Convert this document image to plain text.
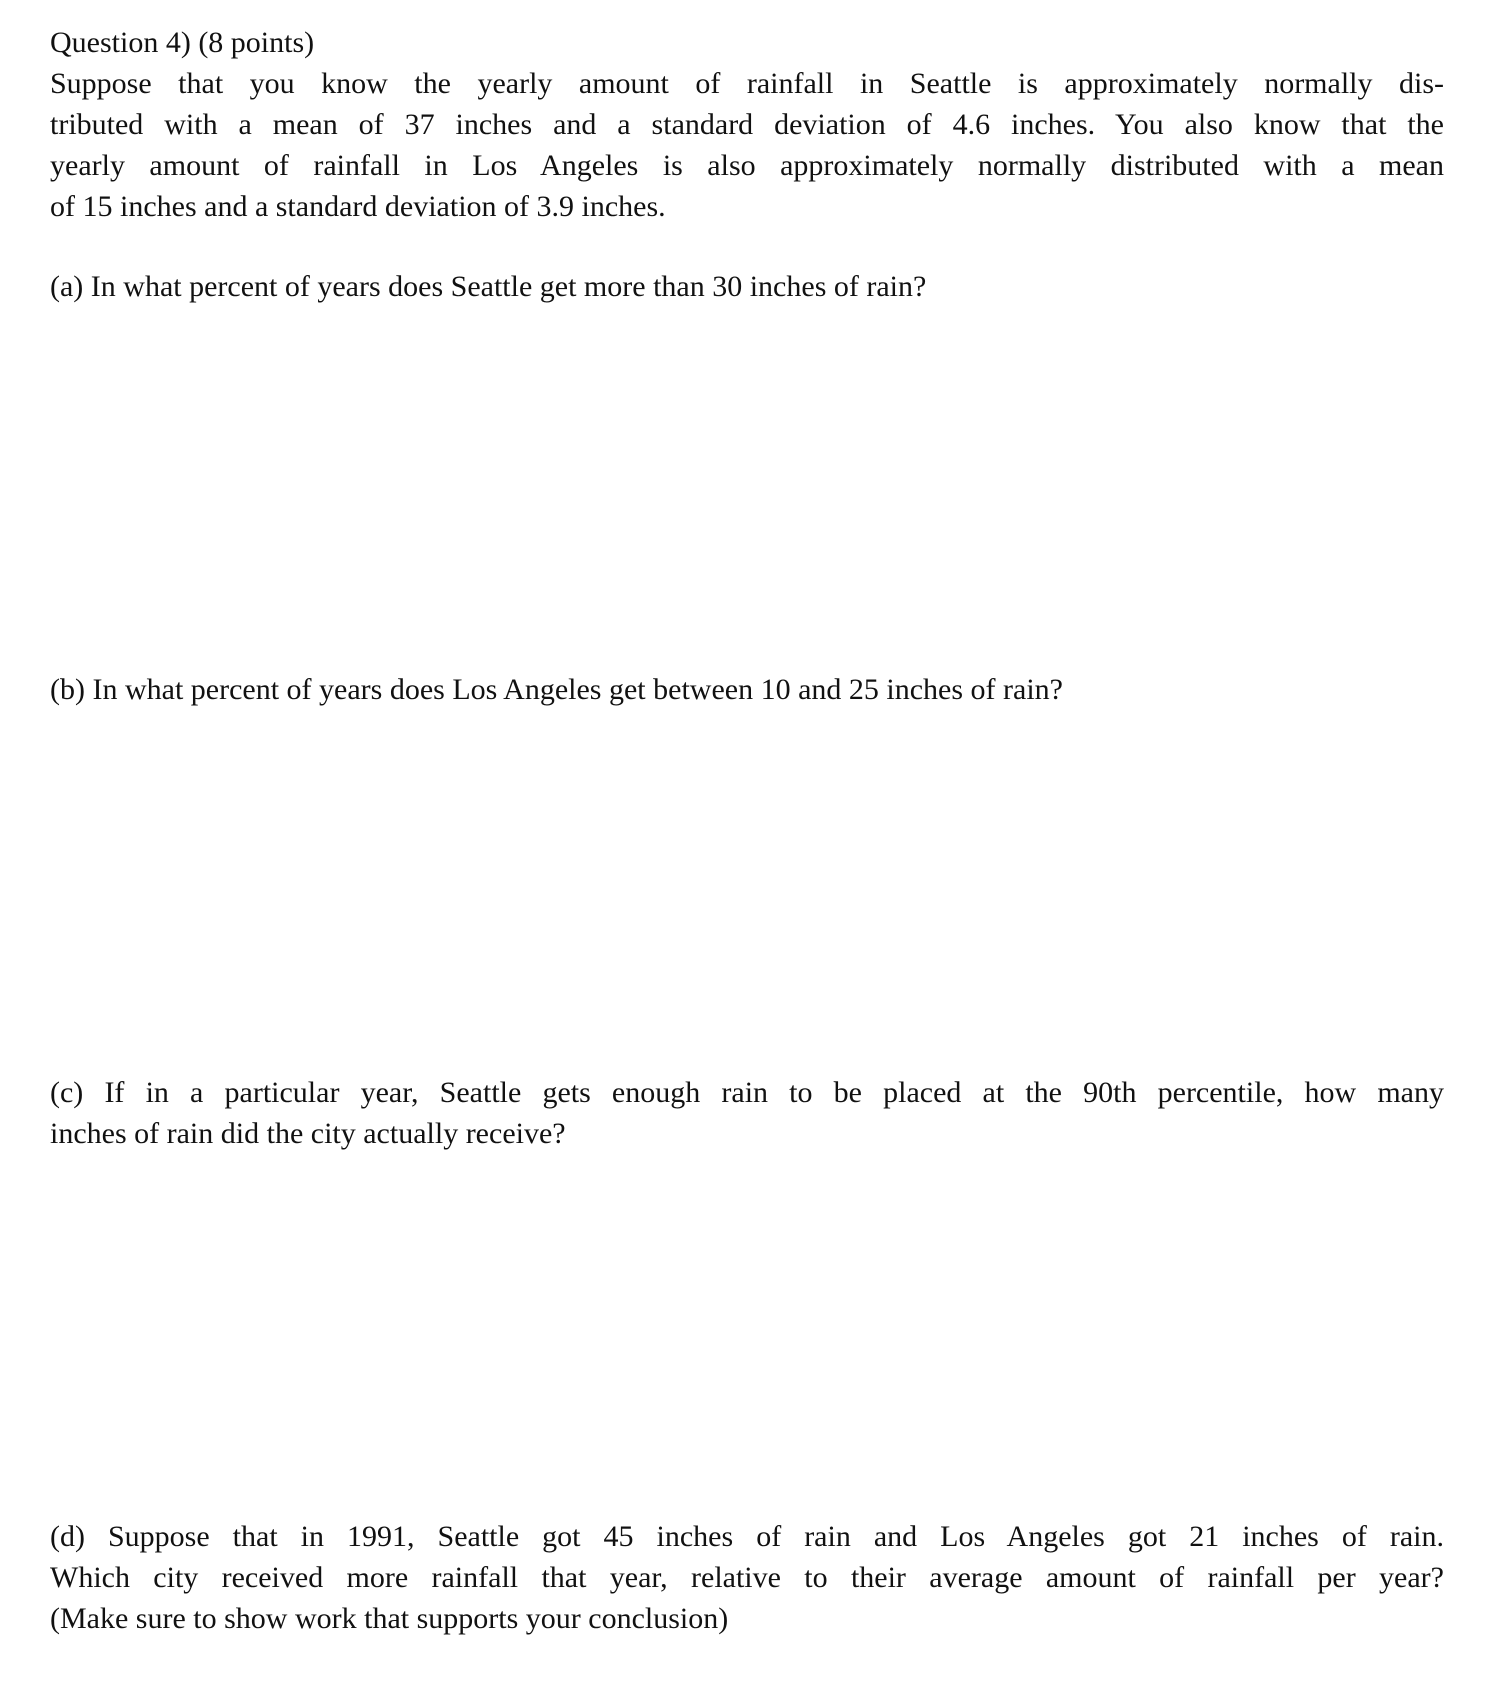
Question 4) (8 points)

Suppose that you know the yearly amount of rainfall in Seattle is approximately normally dis-
tributed with a mean of 37 inches and a standard deviation of 4.6 inches. You also know that the
yearly amount of rainfall in Los Angeles is also approximately normally distributed with a mean
of 15 inches and a standard deviation of 3.9 inches.

(a) In what percent of years does Seattle get more than 30 inches of rain?

(b) In what percent of years does Los Angeles get between 10 and 25 inches of rain?

(c) If in a particular year, Seattle gets enough rain to be placed at the 90th percentile, how many
inches of rain did the city actually receive?

(d) Suppose that in 1991, Seattle got 45 inches of rain and Los Angeles got 21 inches of rain.
Which city received more rainfall that year, relative to their average amount of rainfall per year?
(Make sure to show work that supports your conclusion)
